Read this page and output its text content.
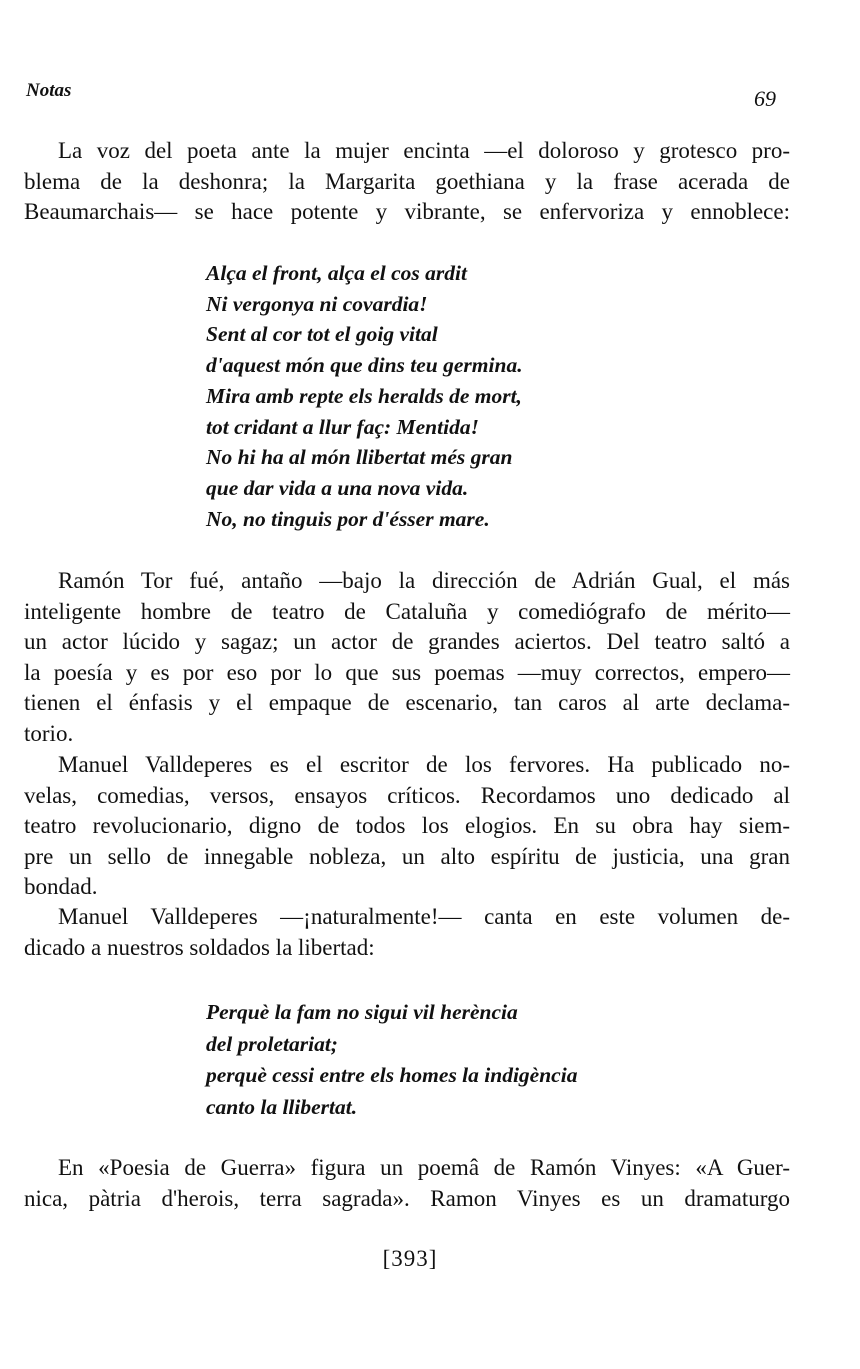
Notas	69
La voz del poeta ante la mujer encinta —el doloroso y grotesco pro-
blema de la deshonra; la Margarita goethiana y la frase acerada de
Beaumarchais— se hace potente y vibrante, se enfervoriza y ennoblece:
Alça el front, alça el cos ardit
Ni vergonya ni covardia!
Sent al cor tot el goig vital
d'aquest món que dins teu germina.
Mira amb repte els heralds de mort,
tot cridant a llur faç: Mentida!
No hi ha al món llibertat més gran
que dar vida a una nova vida.
No, no tinguis por d'ésser mare.
Ramón Tor fué, antaño —bajo la dirección de Adrián Gual, el más
inteligente hombre de teatro de Cataluña y comediógrafo de mérito—
un actor lúcido y sagaz; un actor de grandes aciertos. Del teatro saltó a
la poesía y es por eso por lo que sus poemas —muy correctos, empero—
tienen el énfasis y el empaque de escenario, tan caros al arte declama-
torio.
Manuel Valldeperes es el escritor de los fervores. Ha publicado no-
velas, comedias, versos, ensayos críticos. Recordamos uno dedicado al
teatro revolucionario, digno de todos los elogios. En su obra hay siem-
pre un sello de innegable nobleza, un alto espíritu de justicia, una gran
bondad.
Manuel Valldeperes —¡naturalmente!— canta en este volumen de-
dicado a nuestros soldados la libertad:
Perquè la fam no sigui vil herència
del proletariat;
perquè cessi entre els homes la indigència
canto la llibertat.
En «Poesia de Guerra» figura un poemâ de Ramón Vinyes: «A Guer-
nica, pàtria d'herois, terra sagrada». Ramon Vinyes es un dramaturgo
[393]
